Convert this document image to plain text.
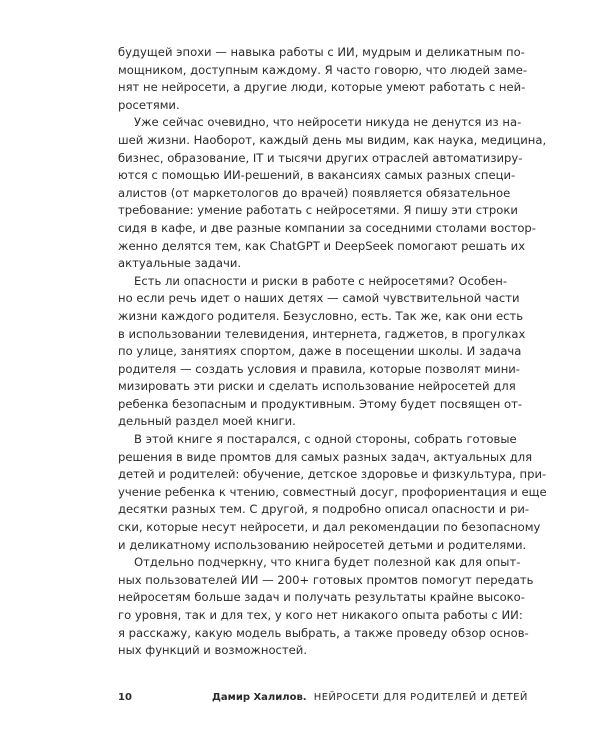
будущей эпохи — навыка работы с ИИ, мудрым и деликатным по-
мощником, доступным каждому. Я часто говорю, что людей заме-
нят не нейросети, а другие люди, которые умеют работать с ней-
росетями.

Уже сейчас очевидно, что нейросети никуда не денутся из на-
шей жизни. Наоборот, каждый день мы видим, как наука, медицина,
бизнес, образование, IT и тысячи других отраслей автоматизиру-
ются с помощью ИИ-решений, в вакансиях самых разных специ-
алистов (от маркетологов до врачей) появляется обязательное
требование: умение работать с нейросетями. Я пишу эти строки
сидя в кафе, и две разные компании за соседними столами востор-
женно делятся тем, как ChatGPT и DeepSeek помогают решать их
актуальные задачи.

Есть ли опасности и риски в работе с нейросетями? Особен-
но если речь идет о наших детях — самой чувствительной части
жизни каждого родителя. Безусловно, есть. Так же, как они есть
в использовании телевидения, интернета, гаджетов, в прогулках
по улице, занятиях спортом, даже в посещении школы. И задача
родителя — создать условия и правила, которые позволят мини-
мизировать эти риски и сделать использование нейросетей для
ребенка безопасным и продуктивным. Этому будет посвящен от-
дельный раздел моей книги.

В этой книге я постарался, с одной стороны, собрать готовые
решения в виде промтов для самых разных задач, актуальных для
детей и родителей: обучение, детское здоровье и физкультура, при-
учение ребенка к чтению, совместный досуг, профориентация и еще
десятки разных тем. С другой, я подробно описал опасности и ри-
ски, которые несут нейросети, и дал рекомендации по безопасному
и деликатному использованию нейросетей детьми и родителями.

Отдельно подчеркну, что книга будет полезной как для опыт-
ных пользователей ИИ — 200+ готовых промтов помогут передать
нейросетям больше задач и получать результаты крайне высоко-
го уровня, так и для тех, у кого нет никакого опыта работы с ИИ:
я расскажу, какую модель выбрать, а также проведу обзор основ-
ных функций и возможностей.

10	Дамир Халилов. НЕЙРОСЕТИ ДЛЯ РОДИТЕЛЕЙ И ДЕТЕЙ
